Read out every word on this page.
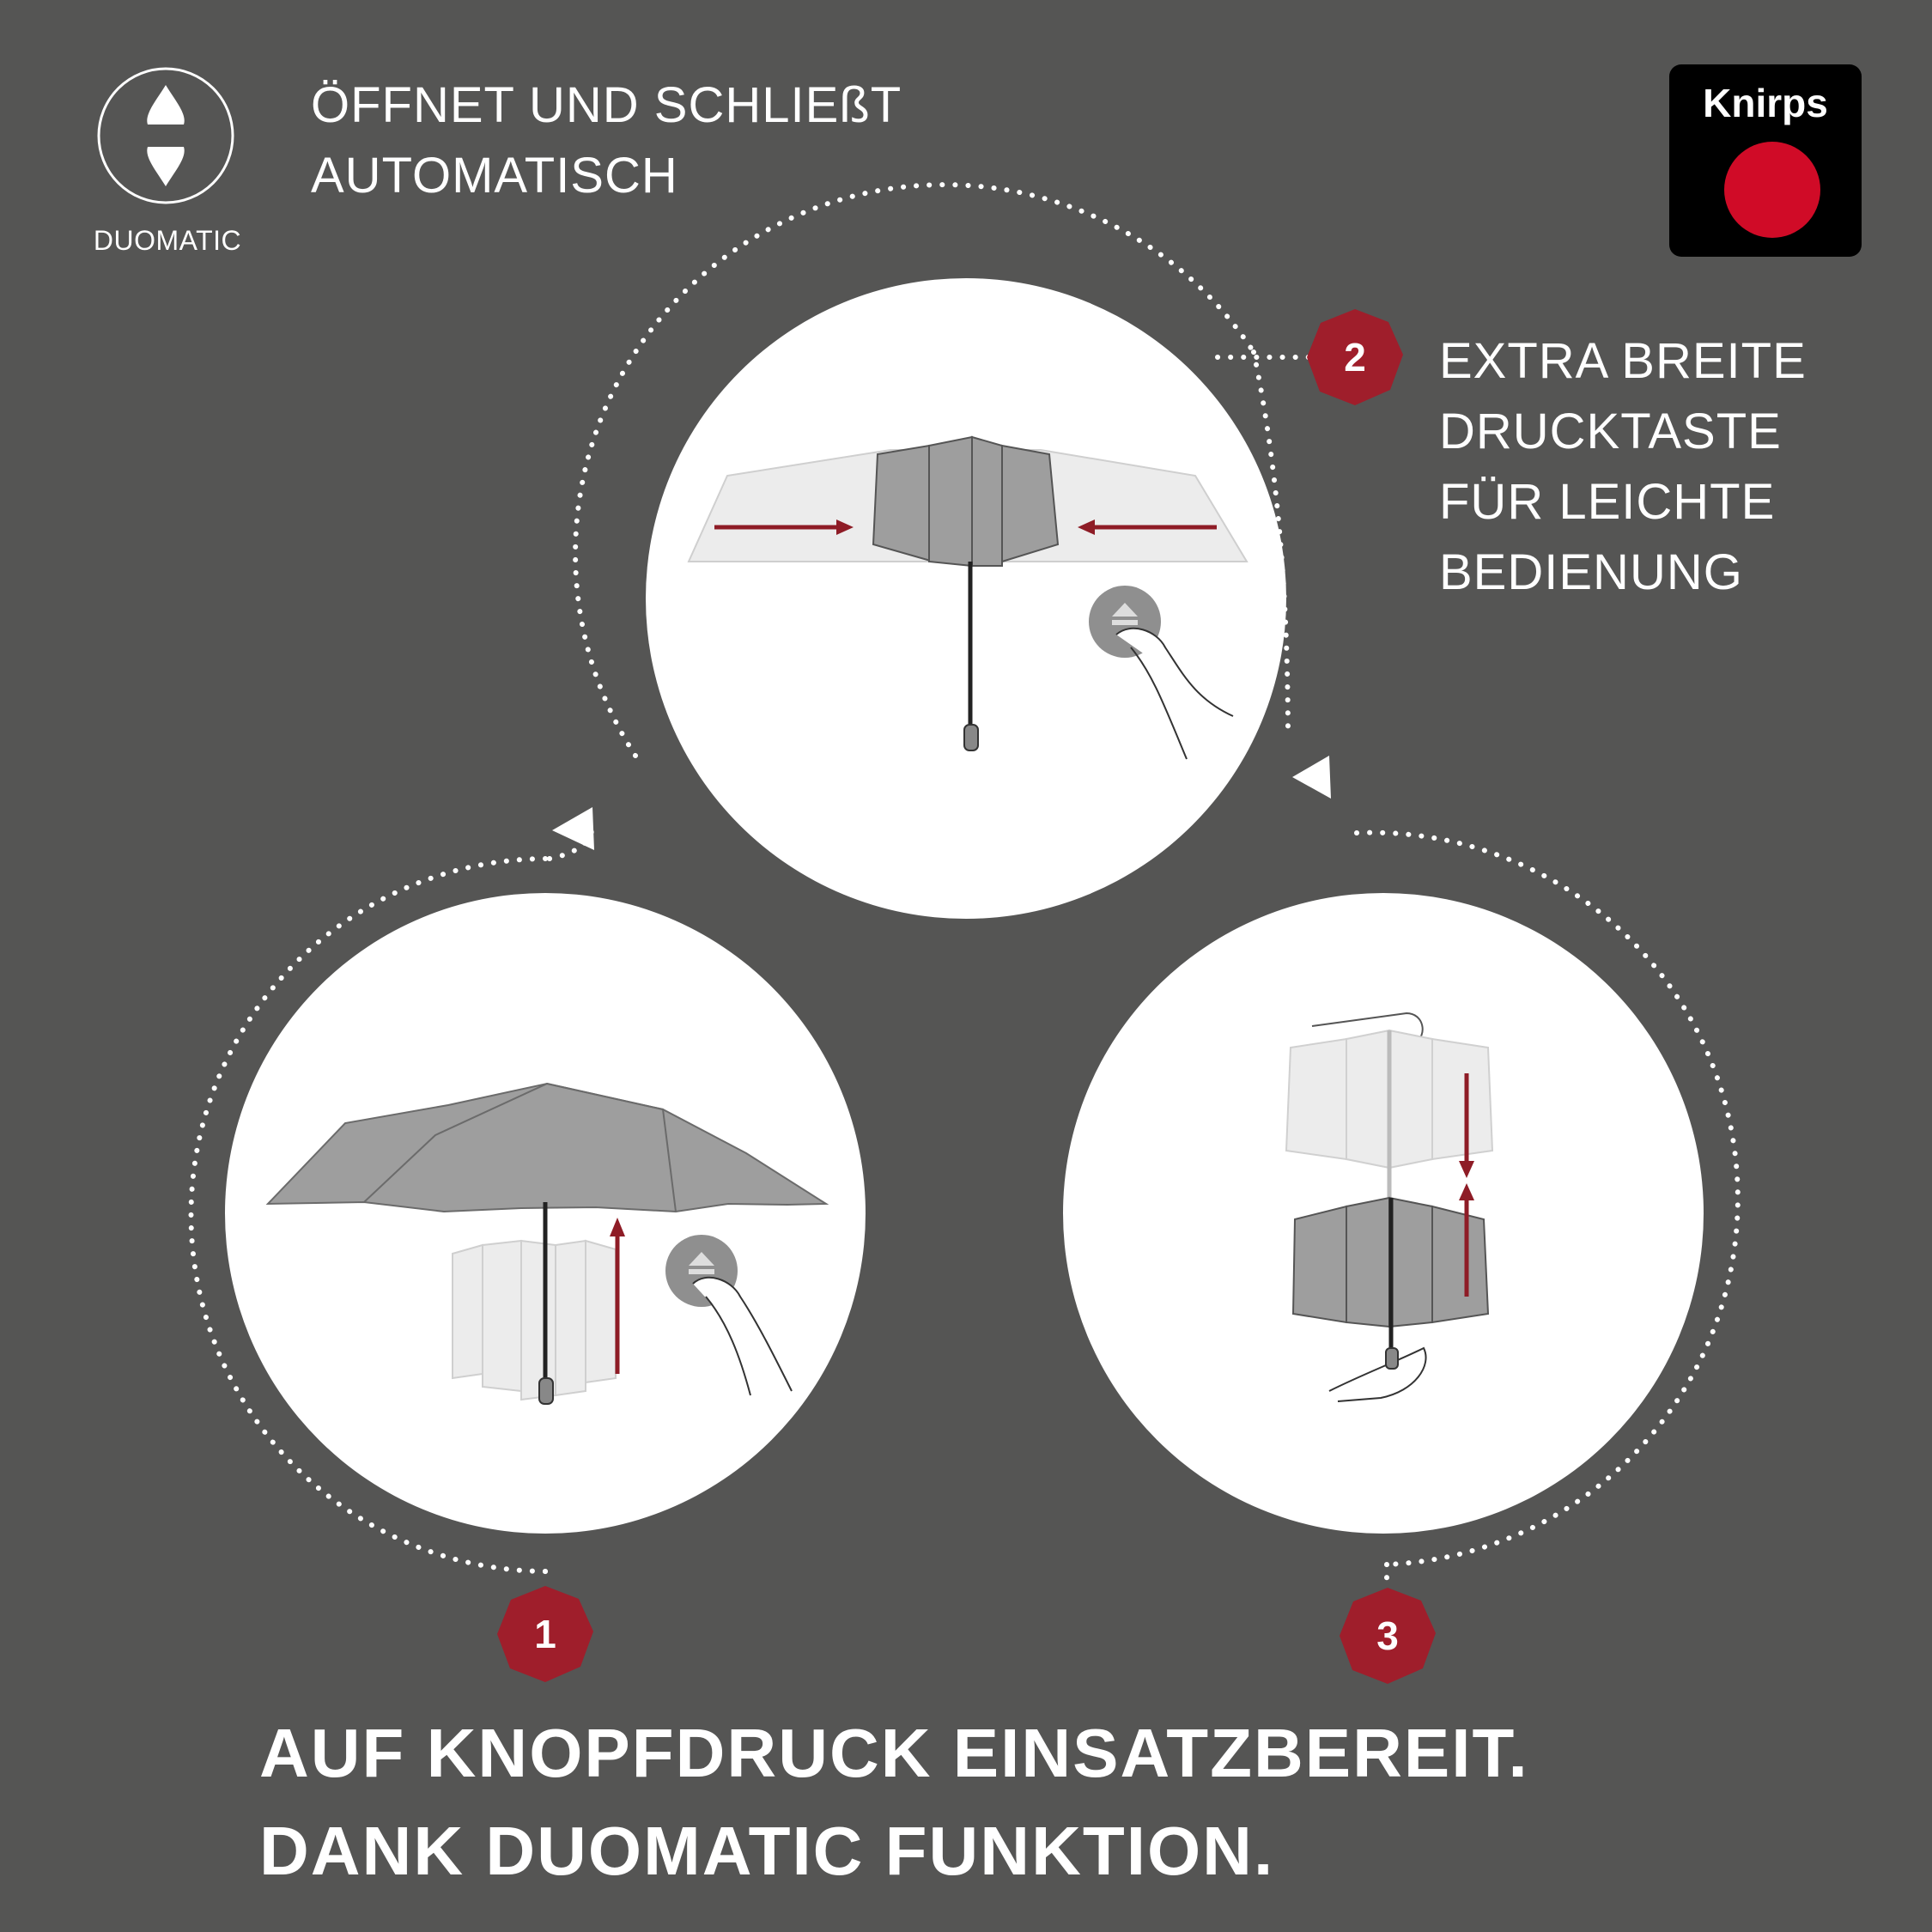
DUOMATIC
ÖFFNET UND SCHLIEßT
AUTOMATISCH
Knirps
1
2
3
EXTRA BREITE
DRUCKTASTE
FÜR LEICHTE
BEDIENUNG
AUF KNOPFDRUCK EINSATZBEREIT.
DANK DUOMATIC FUNKTION.
